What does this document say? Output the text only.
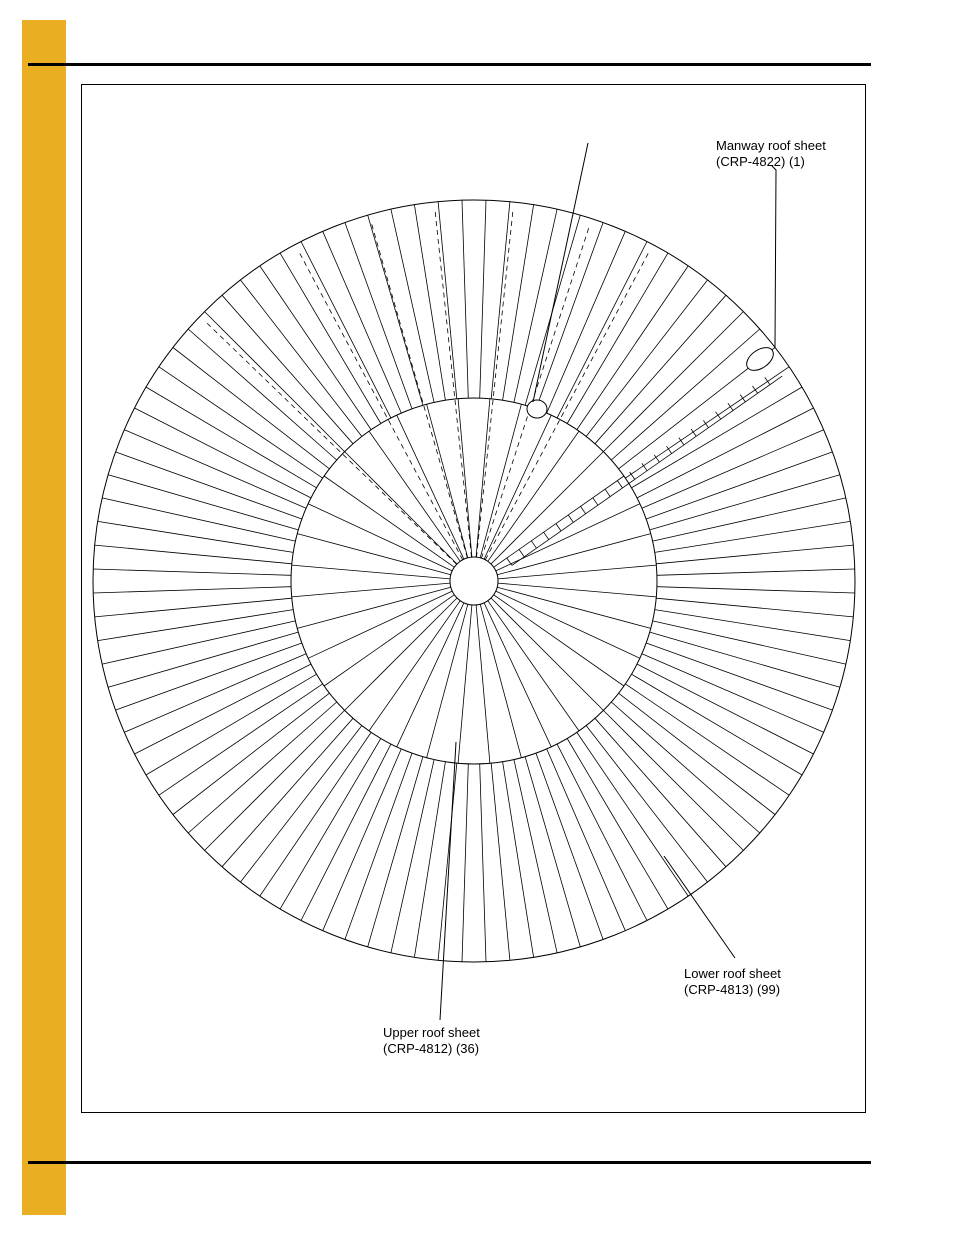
Manway roof sheet
(CRP-4822) (1)
Lower roof sheet
(CRP-4813) (99)
Upper roof sheet
(CRP-4812) (36)
